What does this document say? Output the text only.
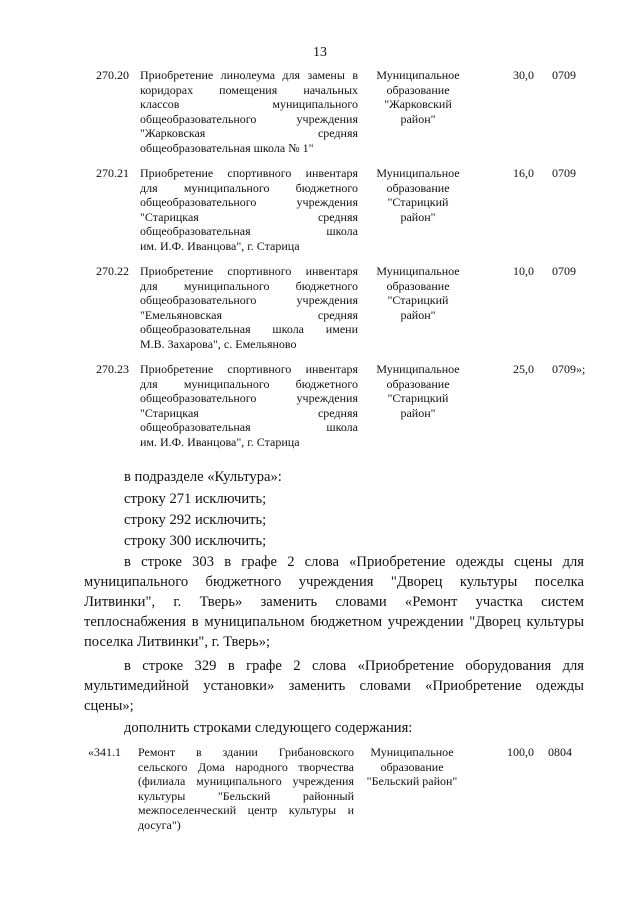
13
270.20 Приобретение линолеума для замены в
коридорах помещения начальных
классов муниципального
общеобразовательного учреждения
"Жарковская средняя
общеобразовательная школа № 1"
Муниципальное
образование
"Жарковский
район"
30,0 0709
270.21 Приобретение спортивного инвентаря
для муниципального бюджетного
общеобразовательного учреждения
"Старицкая средняя
общеобразовательная школа
им. И.Ф. Иванцова", г. Старица
Муниципальное
образование
"Старицкий
район"
16,0 0709
270.22 Приобретение спортивного инвентаря
для муниципального бюджетного
общеобразовательного учреждения
"Емельяновская средняя
общеобразовательная школа имени
М.В. Захарова", с. Емельяново
Муниципальное
образование
"Старицкий
район"
10,0 0709
270.23 Приобретение спортивного инвентаря
для муниципального бюджетного
общеобразовательного учреждения
"Старицкая средняя
общеобразовательная школа
им. И.Ф. Иванцова", г. Старица
Муниципальное
образование
"Старицкий
район"
25,0 0709»;
в подразделе «Культура»:
строку 271 исключить;
строку 292 исключить;
строку 300 исключить;
в строке 303 в графе 2 слова «Приобретение одежды сцены для
муниципального бюджетного учреждения "Дворец культуры поселка
Литвинки", г. Тверь» заменить словами «Ремонт участка систем
теплоснабжения в муниципальном бюджетном учреждении "Дворец культуры
поселка Литвинки", г. Тверь»;
в строке 329 в графе 2 слова «Приобретение оборудования для
мультимедийной установки» заменить словами «Приобретение одежды
сцены»;
дополнить строками следующего содержания:
«341.1 Ремонт в здании Грибановского
сельского Дома народного творчества
(филиала муниципального учреждения
культуры "Бельский районный
межпоселенческий центр культуры и
досуга")
Муниципальное
образование
"Бельский район"
100,0 0804
